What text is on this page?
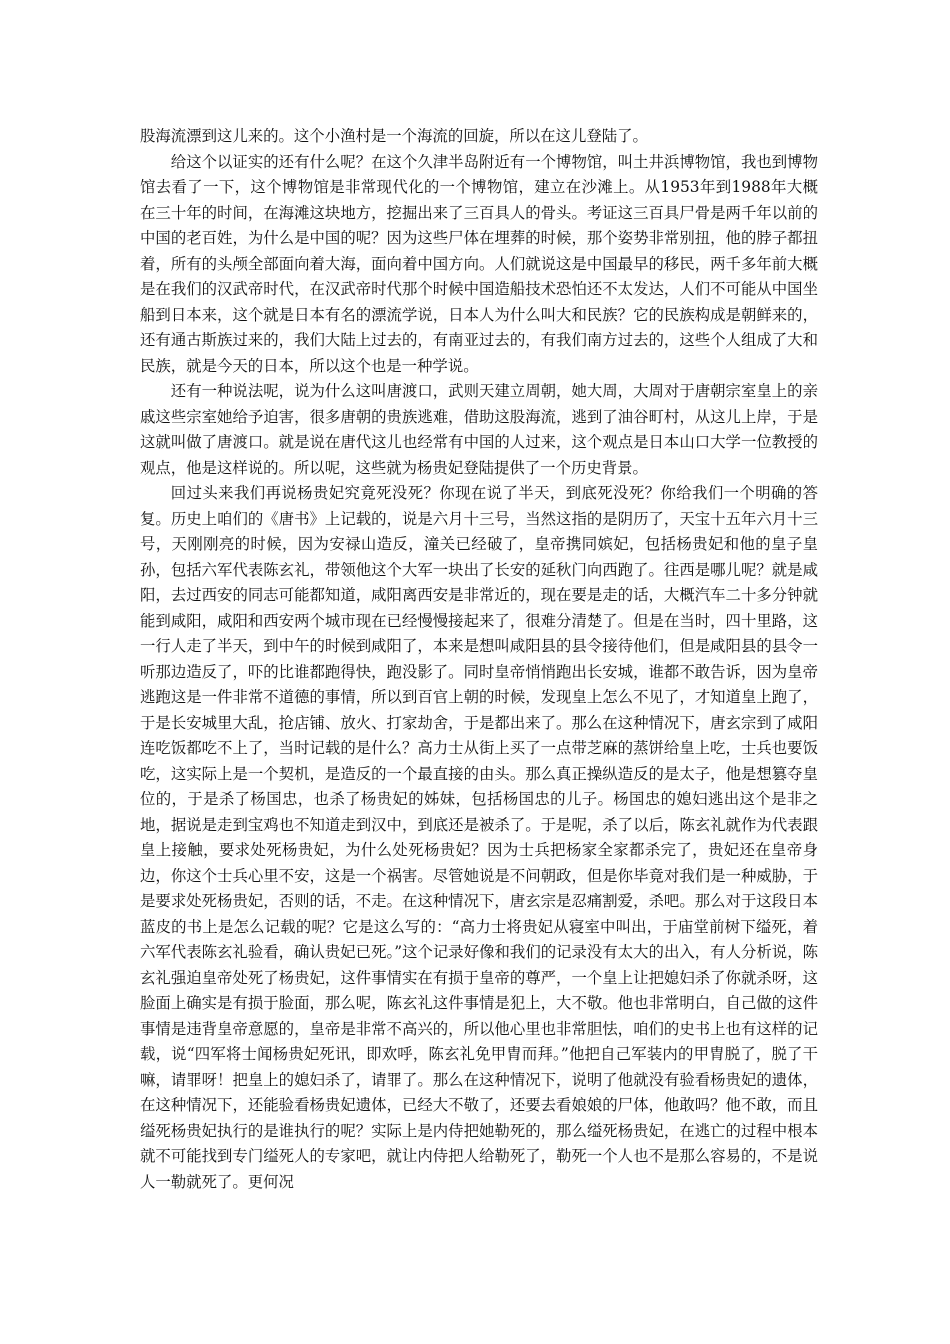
股海流漂到这儿来的。这个小渔村是一个海流的回旋，所以在这儿登陆了。

给这个以证实的还有什么呢？在这个久津半岛附近有一个博物馆，叫土井浜博物馆，我也到博物馆去看了一下，这个博物馆是非常现代化的一个博物馆，建立在沙滩上。从1953年到1988年大概在三十年的时间，在海滩这块地方，挖掘出来了三百具人的骨头。考证这三百具尸骨是两千年以前的中国的老百姓，为什么是中国的呢？因为这些尸体在埋葬的时候，那个姿势非常别扭，他的脖子都扭着，所有的头颅全部面向着大海，面向着中国方向。人们就说这是中国最早的移民，两千多年前大概是在我们的汉武帝时代，在汉武帝时代那个时候中国造船技术恐怕还不太发达，人们不可能从中国坐船到日本来，这个就是日本有名的漂流学说，日本人为什么叫大和民族？它的民族构成是朝鲜来的，还有通古斯族过来的，我们大陆上过去的，有南亚过去的，有我们南方过去的，这些个人组成了大和民族，就是今天的日本，所以这个也是一种学说。

还有一种说法呢，说为什么这叫唐渡口，武则天建立周朝，她大周，大周对于唐朝宗室皇上的亲戚这些宗室她给予迫害，很多唐朝的贵族逃难，借助这股海流，逃到了油谷町村，从这儿上岸，于是这就叫做了唐渡口。就是说在唐代这儿也经常有中国的人过来，这个观点是日本山口大学一位教授的观点，他是这样说的。所以呢，这些就为杨贵妃登陆提供了一个历史背景。

回过头来我们再说杨贵妃究竟死没死？你现在说了半天，到底死没死？你给我们一个明确的答复。历史上咱们的《唐书》上记载的，说是六月十三号，当然这指的是阴历了，天宝十五年六月十三号，天刚刚亮的时候，因为安禄山造反，潼关已经破了，皇帝携同嫔妃，包括杨贵妃和他的皇子皇孙，包括六军代表陈玄礼，带领他这个大军一块出了长安的延秋门向西跑了。往西是哪儿呢？就是咸阳，去过西安的同志可能都知道，咸阳离西安是非常近的，现在要是走的话，大概汽车二十多分钟就能到咸阳，咸阳和西安两个城市现在已经慢慢接起来了，很难分清楚了。但是在当时，四十里路，这一行人走了半天，到中午的时候到咸阳了，本来是想叫咸阳县的县令接待他们，但是咸阳县的县令一听那边造反了，吓的比谁都跑得快，跑没影了。同时皇帝悄悄跑出长安城，谁都不敢告诉，因为皇帝逃跑这是一件非常不道德的事情，所以到百官上朝的时候，发现皇上怎么不见了，才知道皇上跑了，于是长安城里大乱，抢店铺、放火、打家劫舍，于是都出来了。那么在这种情况下，唐玄宗到了咸阳连吃饭都吃不上了，当时记载的是什么？高力士从街上买了一点带芝麻的蒸饼给皇上吃，士兵也要饭吃，这实际上是一个契机，是造反的一个最直接的由头。那么真正操纵造反的是太子，他是想篡夺皇位的，于是杀了杨国忠，也杀了杨贵妃的姊妹，包括杨国忠的儿子。杨国忠的媳妇逃出这个是非之地，据说是走到宝鸡也不知道走到汉中，到底还是被杀了。于是呢，杀了以后，陈玄礼就作为代表跟皇上接触，要求处死杨贵妃，为什么处死杨贵妃？因为士兵把杨家全家都杀完了，贵妃还在皇帝身边，你这个士兵心里不安，这是一个祸害。尽管她说是不问朝政，但是你毕竟对我们是一种威胁，于是要求处死杨贵妃，否则的话，不走。在这种情况下，唐玄宗是忍痛割爱，杀吧。那么对于这段日本蓝皮的书上是怎么记载的呢？它是这么写的：“高力士将贵妃从寝室中叫出，于庙堂前树下缢死，着六军代表陈玄礼验看，确认贵妃已死。”这个记录好像和我们的记录没有太大的出入，有人分析说，陈玄礼强迫皇帝处死了杨贵妃，这件事情实在有损于皇帝的尊严，一个皇上让把媳妇杀了你就杀呀，这脸面上确实是有损于脸面，那么呢，陈玄礼这件事情是犯上，大不敬。他也非常明白，自己做的这件事情是违背皇帝意愿的，皇帝是非常不高兴的，所以他心里也非常胆怯，咱们的史书上也有这样的记载，说“四军将士闻杨贵妃死讯，即欢呼，陈玄礼免甲胄而拜。”他把自己军装内的甲胄脱了，脱了干嘛，请罪呀！把皇上的媳妇杀了，请罪了。那么在这种情况下，说明了他就没有验看杨贵妃的遗体，在这种情况下，还能验看杨贵妃遗体，已经大不敬了，还要去看娘娘的尸体，他敢吗？他不敢，而且缢死杨贵妃执行的是谁执行的呢？实际上是内侍把她勒死的，那么缢死杨贵妃，在逃亡的过程中根本就不可能找到专门缢死人的专家吧，就让内侍把人给勒死了，勒死一个人也不是那么容易的，不是说人一勒就死了。更何况
